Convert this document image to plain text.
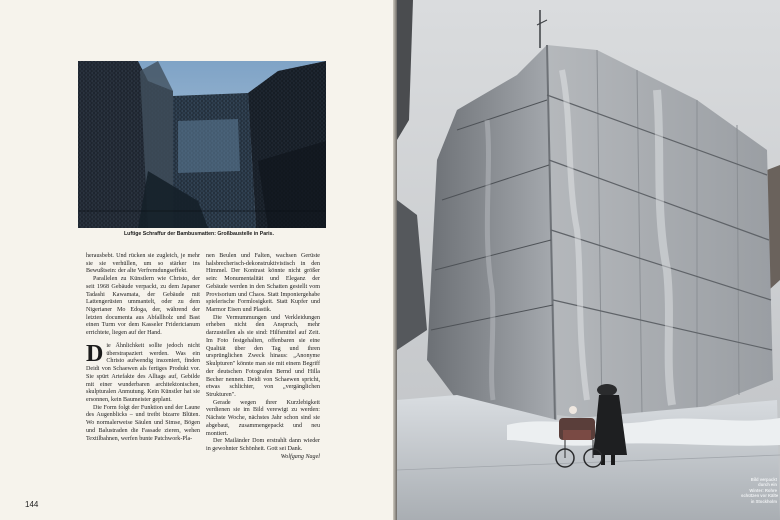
Luftige Schraffur der Bambusmatten: Großbaustelle in Paris.

herausbebt. Und rücken sie zugleich, je mehr sie sie verhüllen, um so stärker ins Bewußtsein: der alte Verfremdungseffekt.

Parallelen zu Künstlern wie Christo, der seit 1968 Gebäude verpackt, zu dem Japaner Tadashi Kawamata, der Gebäude mit Lattengerüsten ummantelt, oder zu dem Nigerianer Mo Edoga, der, während der letzten documenta aus Abfallholz und Bast einen Turm vor dem Kasseler Fridericianum errichtete, liegen auf der Hand.

Die Ähnlichkeit sollte jedoch nicht überstrapaziert werden. Was ein Christo aufwendig inszeniert, finden Deidi von Schaewen als fertiges Produkt vor. Sie spürt Artefakte des Alltags auf, Gebilde mit einer wunderbaren architektonischen, skulpturalen Anmutung. Kein Künstler hat sie ersonnen, kein Baumeister geplant.

Die Form folgt der Funktion und der Laune des Augenblicks – und treibt bizarre Blüten. Wo normalerweise Säulen und Simse, Bögen und Balustraden die Fassade zieren, wehen Textilbahnen, werfen bunte Patchwork-Pla-

nen Beulen und Falten, wachsen Gerüste halsbrecherisch-dekonstruktivistisch in den Himmel. Der Kontrast könnte nicht größer sein: Monumentalität und Eleganz der Gebäude werden in den Schatten gestellt vom Provisorium und Chaos. Statt Imponiergehabe spielerische Formlosigkeit. Statt Kupfer und Marmor Eisen und Plastik.

Die Vermummungen und Verkleidungen erheben nicht den Anspruch, mehr darzustellen als sie sind: Hilfsmittel auf Zeit. Im Foto festgehalten, offenbaren sie eine Qualität über den Tag und ihren ursprünglichen Zweck hinaus: „Anonyme Skulpturen" könnte man sie mit einem Begriff der deutschen Fotografen Bernd und Hilla Becher nennen. Deidi von Schaewen spricht, etwas schlichter, von „vergänglichen Strukturen".

Gerade wegen ihrer Kurzlebigkeit verdienen sie im Bild verewigt zu werden: Nächste Woche, nächstes Jahr schon sind sie abgebaut, zusammengepackt und neu montiert.

Der Mailänder Dom erstrahlt dann wieder in gewohnter Schönheit. Gott sei Dank.

Wolfgang Nagel

144
Bild verpackt
durch ein
Winter: Rohre
schützen vor Kälte
in Stockholm
